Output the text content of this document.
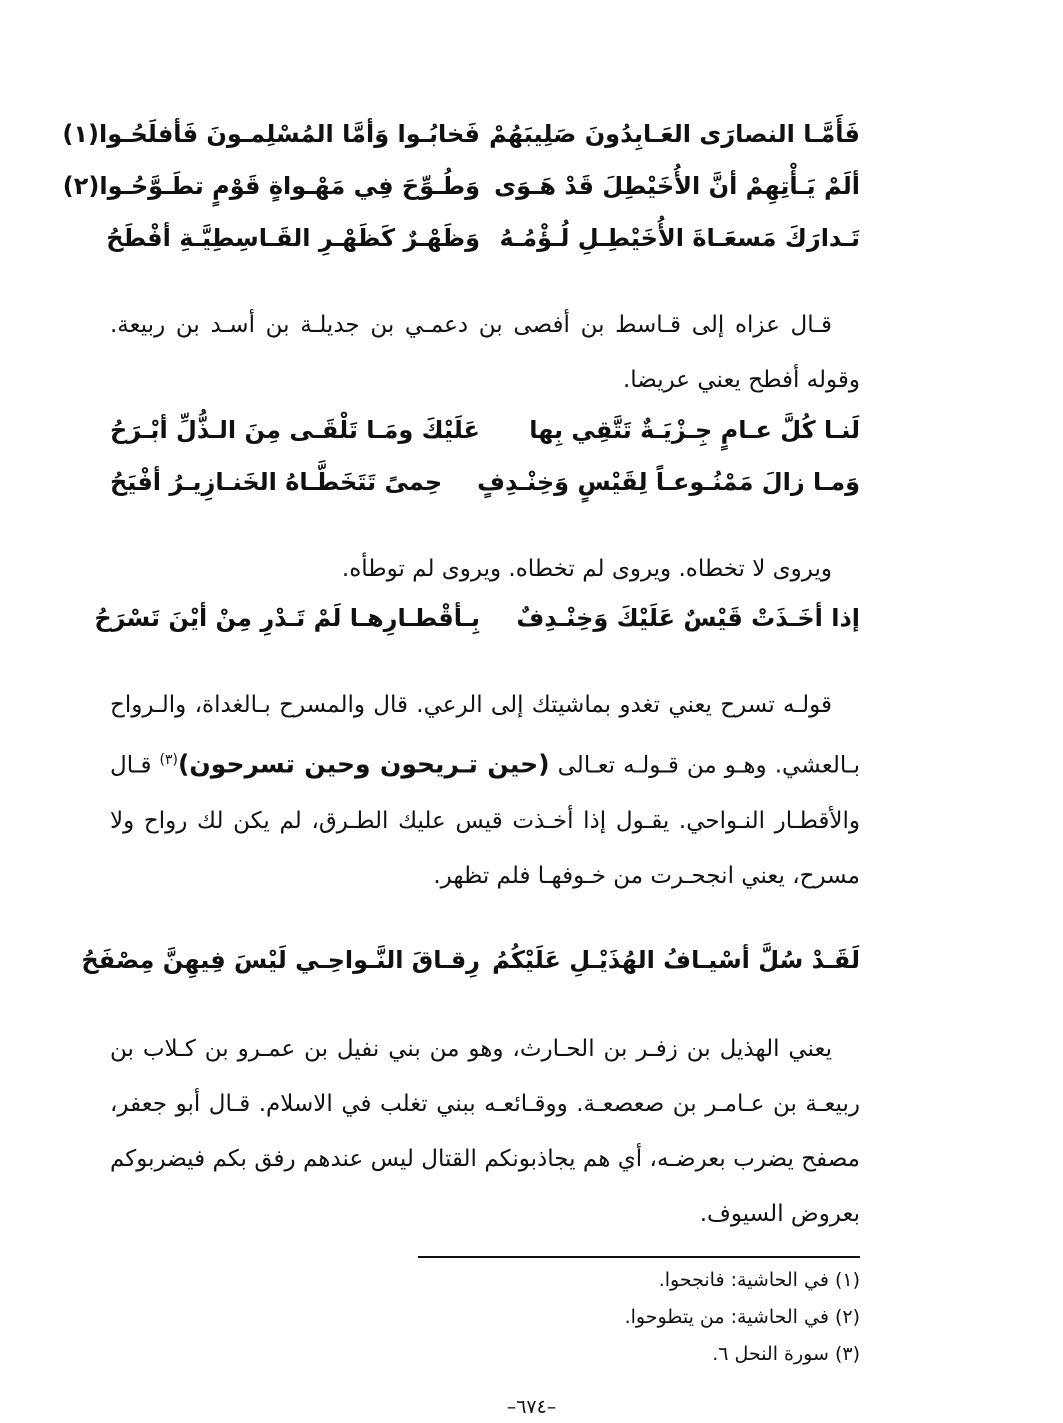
فَأَمَّـا النصارَى العَـابِدُونَ صَلِيبَهُمْ
فَخابُـوا وَأمَّا المُسْلِمـونَ فَأفلَحُـوا(١)
ألَمْ يَـأْتِهِمْ أنَّ الأُخَيْطِلَ قَدْ هَـوَى
وَطُـوِّحَ فِي مَهْـواةٍ قَوْمٍ تطَـوَّحُـوا(٢)
تَـدارَكَ مَسعَـاةَ الأُخَيْطِـلِ لُـؤْمُـهُ
وَظَهْـرٌ كَظَهْـرِ القَـاسِطِيَّـةِ أفْطَحُ
قـال عزاه إلى قـاسط بن أفصى بن دعمـي بن جديلـة بن أسـد بن ربيعة. وقوله أفطح يعني عريضا.
لَنـا كُلَّ عـامٍ جِـزْيَـةٌ تَتَّقِي بِها
عَلَيْكَ ومَـا تَلْقَـى مِنَ الـذُّلِّ أبْـرَحُ
وَمـا زالَ مَمْنُـوعـاً لِقَيْسٍ وَخِنْـدِفٍ
حِمىً تَتَخَطَّـاهُ الخَنـازِيـرُ أفْيَحُ
ويروى لا تخطاه. ويروى لم تخطاه. ويروى لم توطأه.
إذا أخَـذَتْ قَيْسٌ عَلَيْكَ وَخِنْـدِفٌ
بِـأقْطـارِهـا لَمْ تَـدْرِ مِنْ أيْنَ تَسْرَحُ
قولـه تسرح يعني تغدو بماشيتك إلى الرعي. قال والمسرح بـالغداة، والـرواح بـالعشي. وهـو من قـولـه تعـالى (حين تـريحون وحين تسرحون)$^{(٣)}$ قـال والأقطـار النـواحي. يقـول إذا أخـذت قيس عليك الطـرق، لم يكن لك رواح ولا مسرح، يعني انجحـرت من خـوفهـا فلم تظهر.
لَقَـدْ سُلَّ أسْيـافُ الهُذَيْـلِ عَلَيْكُمُ
رِقـاقَ النَّـواحِـي لَيْسَ فِيهِنَّ مِصْفَحُ
يعني الهذيل بن زفـر بن الحـارث، وهو من بني نفيل بن عمـرو بن كـلاب بن ربيعـة بن عـامـر بن صعصعـة. ووقـائعـه ببني تغلب في الاسلام. قـال أبو جعفر، مصفح يضرب بعرضـه، أي هم يجاذبونكم القتال ليس عندهم رفق بكم فيضربوكم بعروض السيوف.
(١) في الحاشية: فانجحوا.
(٢) في الحاشية: من يتطوحوا.
(٣) سورة النحل ٦.
–٦٧٤–
